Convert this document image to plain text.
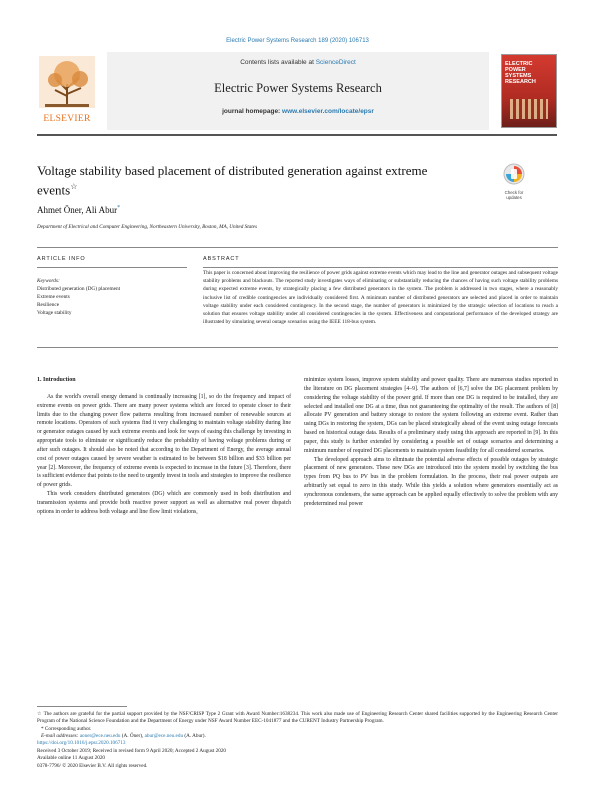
Electric Power Systems Research 189 (2020) 106713
ELSEVIER
Contents lists available at ScienceDirect
Electric Power Systems Research
journal homepage: www.elsevier.com/locate/epsr
ELECTRIC POWER SYSTEMS RESEARCH
Voltage stability based placement of distributed generation against extreme
events☆
Check for
updates
Ahmet Öner, Ali Abur*
Department of Electrical and Computer Engineering, Northeastern University, Boston, MA, United States
ARTICLE INFO
Keywords:
Distributed generation (DG) placement
Extreme events
Resilience
Voltage stability
ABSTRACT
This paper is concerned about improving the resilience of power grids against extreme events which may lead to the line and generator outages and subsequent voltage stability problems and blackouts. The reported study investigates ways of eliminating or substantially reducing the chances of having such voltage stability problems during expected extreme events, by strategically placing a few distributed generators in the system. The problem is addressed in two stages, where a reasonably inclusive list of credible contingencies are individually considered first. A minimum number of distributed generators are selected and placed in order to maintain voltage stability under each considered contingency. In the second stage, the number of generators is minimized by the strategic selection of locations to reach a solution that ensures voltage stability under all considered contingencies in the system. Effectiveness and computational performance of the developed strategy are illustrated by simulating several outage scenarios using the IEEE 118-bus system.
1. Introduction

As the world's overall energy demand is continually increasing [1], so do the frequency and impact of extreme events on power grids. There are many power systems which are forced to operate closer to their limits due to the changing power flow patterns resulting from increased number of renewable sources at remote locations. Operators of such systems find it very challenging to maintain voltage stability during line or generator outages caused by such extreme events and look for ways of easing this challenge by investing in appropriate tools to eliminate or significantly reduce the probability of having voltage problems during or after such outages. It should also be noted that according to the Department of Energy, the average annual cost of power outages caused by severe weather is estimated to be between $18 billion and $33 billion per year [2]. Moreover, the frequency of extreme events is expected to increase in the future [3]. Therefore, there is sufficient evidence that points to the need to urgently invest in tools and strategies to improve the resilience of power grids.

This work considers distributed generators (DG) which are commonly used in both distribution and transmission systems and provide both reactive power support as well as alternative real power dispatch options in order to address both voltage and line flow limit violations,

minimize system losses, improve system stability and power quality. There are numerous studies reported in the literature on DG placement strategies [4–9]. The authors of [6,7] solve the DG placement problem by considering the voltage stability of the power grid. If more than one DG is required to be installed, they are selected and installed one DG at a time, thus not guaranteeing the optimality of the result. The authors of [8] allocate PV generation and battery storage to restore the system following an extreme event. Rather than using DGs in restoring the system, DGs can be placed strategically ahead of the event using outage forecasts based on historical outage data. Results of a preliminary study using this approach are reported in [9]. In this paper, this study is further extended by considering a possible set of outage scenarios and determining a minimum number of required DG placements to maintain system feasibility for all considered scenarios.

The developed approach aims to eliminate the potential adverse effects of possible outages by strategic placement of new generators. These new DGs are introduced into the system model by switching the bus types from PQ bus to PV bus in the problem formulation. In the process, their real power outputs are arbitrarily set equal to zero in this study. While this yields a solution where generators essentially act as synchronous condensers, the same approach can be applied equally effectively to solve the problem with any predetermined real power

☆ The authors are grateful for the partial support provided by the NSF/CRISP Type 2 Grant with Award Number:1638234. This work also made use of Engineering Research Center shared facilities supported by the Engineering Research Center Program of the National Science Foundation and the Department of Energy under NSF Award Number EEC-1041877 and the CURENT Industry Partnership Program.
* Corresponding author.
E-mail addresses: aoner@ece.neu.edu (A. Öner), abur@ece.neu.edu (A. Abur).
https://doi.org/10.1016/j.epsr.2020.106713
Received 3 October 2019; Received in revised form 9 April 2020; Accepted 2 August 2020
Available online 11 August 2020
0378-7796/ © 2020 Elsevier B.V. All rights reserved.
